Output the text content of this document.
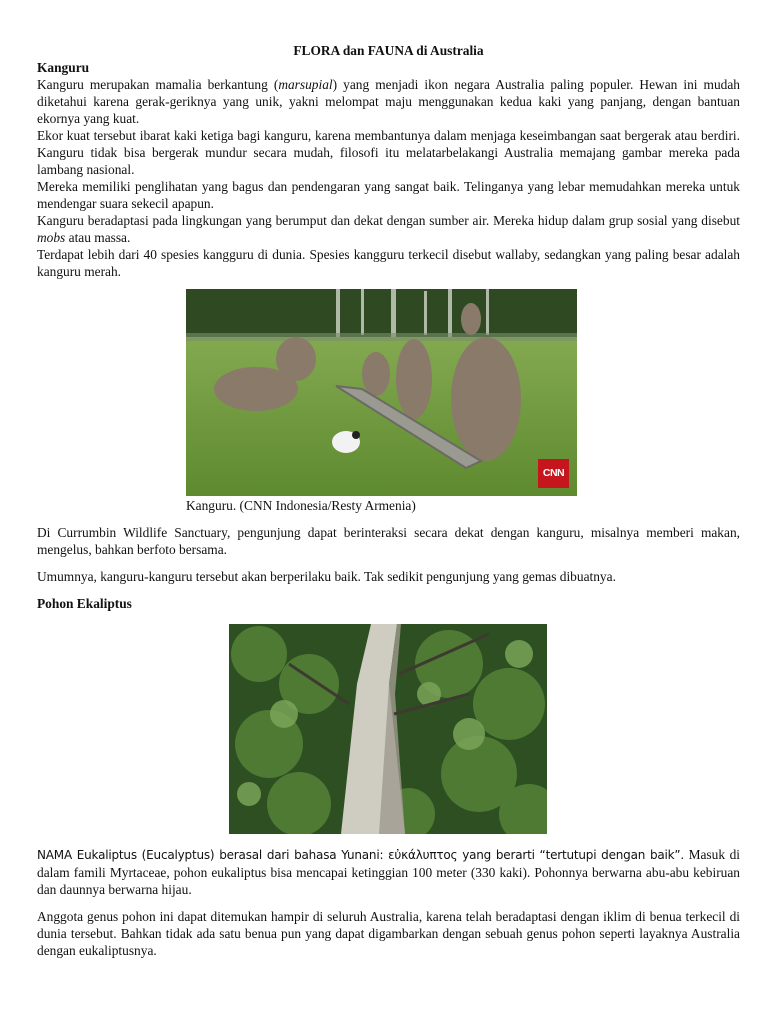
FLORA dan FAUNA di Australia

Kanguru

Kanguru merupakan mamalia berkantung (marsupial) yang menjadi ikon negara Australia paling populer. Hewan ini mudah diketahui karena gerak-geriknya yang unik, yakni melompat maju menggunakan kedua kaki yang panjang, dengan bantuan ekornya yang kuat.

Ekor kuat tersebut ibarat kaki ketiga bagi kanguru, karena membantunya dalam menjaga keseimbangan saat bergerak atau berdiri. Kanguru tidak bisa bergerak mundur secara mudah, filosofi itu melatarbelakangi Australia memajang gambar mereka pada lambang nasional.

Mereka memiliki penglihatan yang bagus dan pendengaran yang sangat baik. Telinganya yang lebar memudahkan mereka untuk mendengar suara sekecil apapun.

Kanguru beradaptasi pada lingkungan yang berumput dan dekat dengan sumber air. Mereka hidup dalam grup sosial yang disebut mobs atau massa.

Terdapat lebih dari 40 spesies kangguru di dunia. Spesies kangguru terkecil disebut wallaby, sedangkan yang paling besar adalah kanguru merah.

CNN

Kanguru. (CNN Indonesia/Resty Armenia)

Di Currumbin Wildlife Sanctuary, pengunjung dapat berinteraksi secara dekat dengan kanguru, misalnya memberi makan, mengelus, bahkan berfoto bersama.

Umumnya, kanguru-kanguru tersebut akan berperilaku baik. Tak sedikit pengunjung yang gemas dibuatnya.

Pohon Ekaliptus

NAMA Eukaliptus (Eucalyptus) berasal dari bahasa Yunani: εὐκάλυπτος yang berarti “tertutupi dengan baik”. Masuk di dalam famili Myrtaceae, pohon eukaliptus bisa mencapai ketinggian 100 meter (330 kaki). Pohonnya berwarna abu-abu kebiruan dan daunnya berwarna hijau.

Anggota genus pohon ini dapat ditemukan hampir di seluruh Australia, karena telah beradaptasi dengan iklim di benua terkecil di dunia tersebut. Bahkan tidak ada satu benua pun yang dapat digambarkan dengan sebuah genus pohon seperti layaknya Australia dengan eukaliptusnya.
